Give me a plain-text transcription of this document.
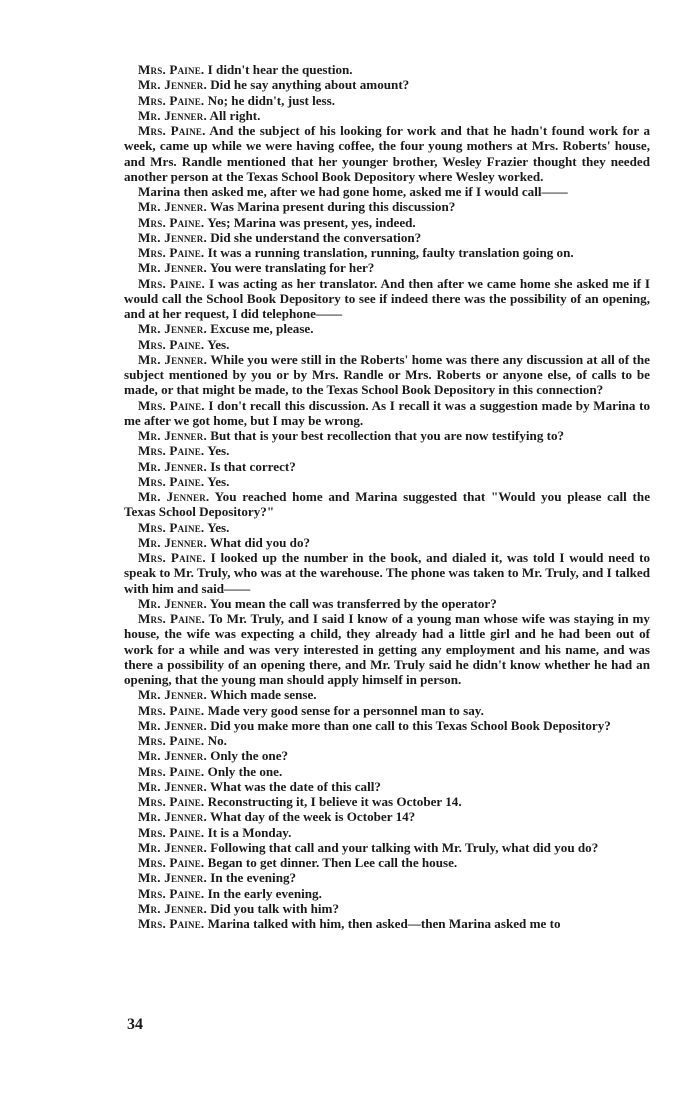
Mrs. Paine. I didn't hear the question.
Mr. Jenner. Did he say anything about amount?
Mrs. Paine. No; he didn't, just less.
Mr. Jenner. All right.
Mrs. Paine. And the subject of his looking for work and that he hadn't found work for a week, came up while we were having coffee, the four young mothers at Mrs. Roberts' house, and Mrs. Randle mentioned that her younger brother, Wesley Frazier thought they needed another person at the Texas School Book Depository where Wesley worked.
Marina then asked me, after we had gone home, asked me if I would call——
Mr. Jenner. Was Marina present during this discussion?
Mrs. Paine. Yes; Marina was present, yes, indeed.
Mr. Jenner. Did she understand the conversation?
Mrs. Paine. It was a running translation, running, faulty translation going on.
Mr. Jenner. You were translating for her?
Mrs. Paine. I was acting as her translator. And then after we came home she asked me if I would call the School Book Depository to see if indeed there was the possibility of an opening, and at her request, I did telephone——
Mr. Jenner. Excuse me, please.
Mrs. Paine. Yes.
Mr. Jenner. While you were still in the Roberts' home was there any discussion at all of the subject mentioned by you or by Mrs. Randle or Mrs. Roberts or anyone else, of calls to be made, or that might be made, to the Texas School Book Depository in this connection?
Mrs. Paine. I don't recall this discussion. As I recall it was a suggestion made by Marina to me after we got home, but I may be wrong.
Mr. Jenner. But that is your best recollection that you are now testifying to?
Mrs. Paine. Yes.
Mr. Jenner. Is that correct?
Mrs. Paine. Yes.
Mr. Jenner. You reached home and Marina suggested that "Would you please call the Texas School Depository?"
Mrs. Paine. Yes.
Mr. Jenner. What did you do?
Mrs. Paine. I looked up the number in the book, and dialed it, was told I would need to speak to Mr. Truly, who was at the warehouse. The phone was taken to Mr. Truly, and I talked with him and said——
Mr. Jenner. You mean the call was transferred by the operator?
Mrs. Paine. To Mr. Truly, and I said I know of a young man whose wife was staying in my house, the wife was expecting a child, they already had a little girl and he had been out of work for a while and was very interested in getting any employment and his name, and was there a possibility of an opening there, and Mr. Truly said he didn't know whether he had an opening, that the young man should apply himself in person.
Mr. Jenner. Which made sense.
Mrs. Paine. Made very good sense for a personnel man to say.
Mr. Jenner. Did you make more than one call to this Texas School Book Depository?
Mrs. Paine. No.
Mr. Jenner. Only the one?
Mrs. Paine. Only the one.
Mr. Jenner. What was the date of this call?
Mrs. Paine. Reconstructing it, I believe it was October 14.
Mr. Jenner. What day of the week is October 14?
Mrs. Paine. It is a Monday.
Mr. Jenner. Following that call and your talking with Mr. Truly, what did you do?
Mrs. Paine. Began to get dinner. Then Lee call the house.
Mr. Jenner. In the evening?
Mrs. Paine. In the early evening.
Mr. Jenner. Did you talk with him?
Mrs. Paine. Marina talked with him, then asked—then Marina asked me to
34
